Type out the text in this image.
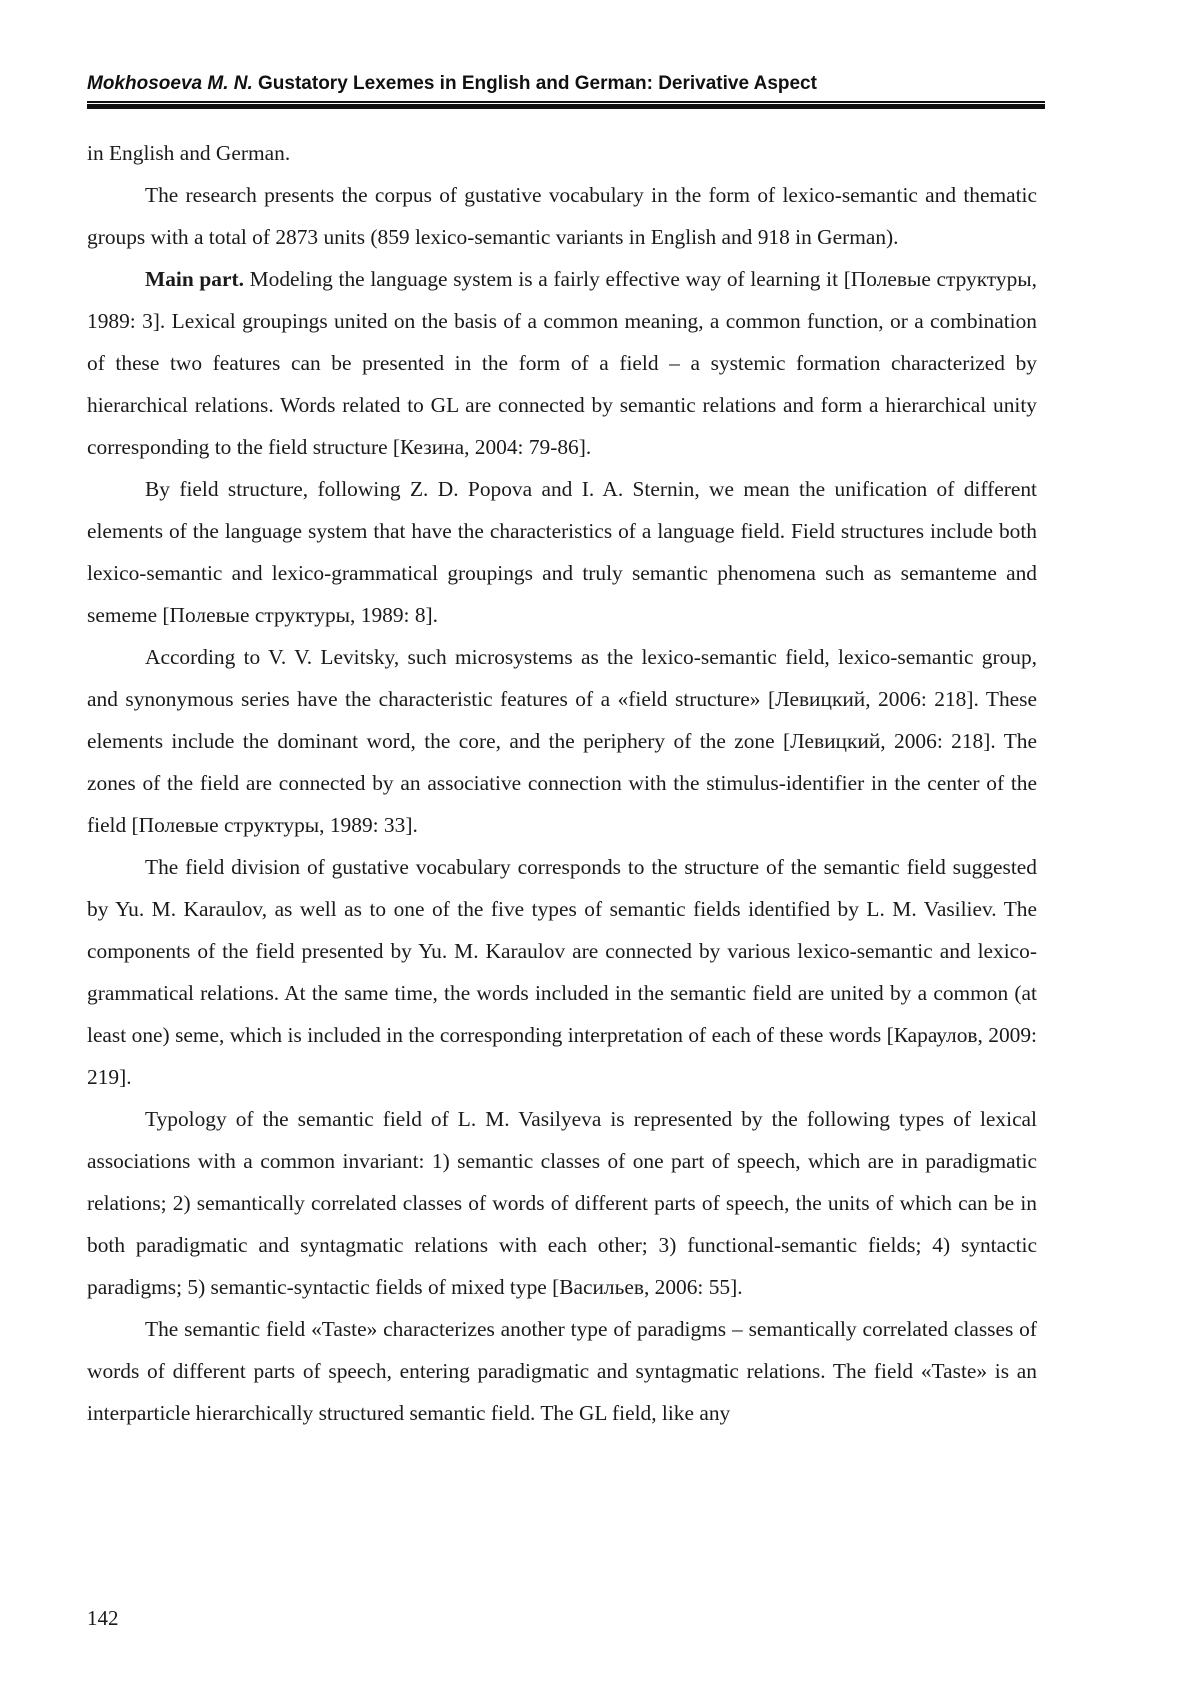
Mokhosoeva M. N. Gustatory Lexemes in English and German: Derivative Aspect

in English and German.

The research presents the corpus of gustative vocabulary in the form of lexico-semantic and thematic groups with a total of 2873 units (859 lexico-semantic variants in English and 918 in German).

Main part. Modeling the language system is a fairly effective way of learning it [Полевые структуры, 1989: 3]. Lexical groupings united on the basis of a common meaning, a common function, or a combination of these two features can be presented in the form of a field – a systemic formation characterized by hierarchical relations. Words related to GL are connected by semantic relations and form a hierarchical unity corresponding to the field structure [Кезина, 2004: 79-86].

By field structure, following Z. D. Popova and I. A. Sternin, we mean the unification of different elements of the language system that have the characteristics of a language field. Field structures include both lexico-semantic and lexico-grammatical groupings and truly semantic phenomena such as semanteme and sememe [Полевые структуры, 1989: 8].

According to V. V. Levitsky, such microsystems as the lexico-semantic field, lexico-semantic group, and synonymous series have the characteristic features of a «field structure» [Левицкий, 2006: 218]. These elements include the dominant word, the core, and the periphery of the zone [Левицкий, 2006: 218]. The zones of the field are connected by an associative connection with the stimulus-identifier in the center of the field [Полевые структуры, 1989: 33].

The field division of gustative vocabulary corresponds to the structure of the semantic field suggested by Yu. M. Karaulov, as well as to one of the five types of semantic fields identified by L. M. Vasiliev. The components of the field presented by Yu. M. Karaulov are connected by various lexico-semantic and lexico-grammatical relations. At the same time, the words included in the semantic field are united by a common (at least one) seme, which is included in the corresponding interpretation of each of these words [Караулов, 2009: 219].

Typology of the semantic field of L. M. Vasilyeva is represented by the following types of lexical associations with a common invariant: 1) semantic classes of one part of speech, which are in paradigmatic relations; 2) semantically correlated classes of words of different parts of speech, the units of which can be in both paradigmatic and syntagmatic relations with each other; 3) functional-semantic fields; 4) syntactic paradigms; 5) semantic-syntactic fields of mixed type [Васильев, 2006: 55].

The semantic field «Taste» characterizes another type of paradigms – semantically correlated classes of words of different parts of speech, entering paradigmatic and syntagmatic relations. The field «Taste» is an interparticle hierarchically structured semantic field. The GL field, like any

142
